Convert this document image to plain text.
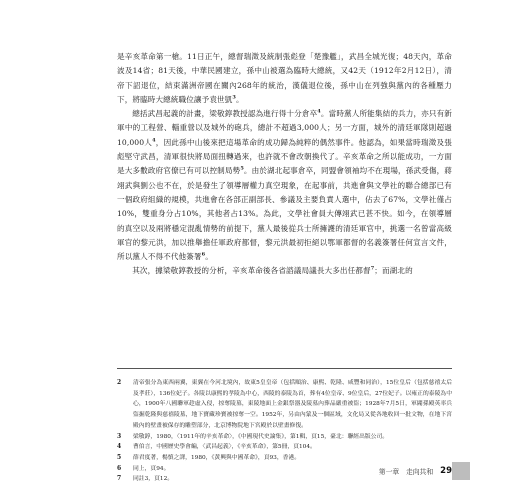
是辛亥革命第一槍。11日正午，總督瑞澂及統制張彪登「楚豫艦」，武昌全城光復；48天內，革命波及14省；81天後，中華民國建立，孫中山被選為臨時大總統，又42天（1912年2月12日），清帝下詔退位，結束滿洲帝國在關內268年的統治，漢儀退位後，孫中山在列強與黨內的各種壓力下，將臨時大總統職位讓予袁世凱$^3$。

總括武昌起義的計畫，梁敬錞教授認為進行得十分倉卒$^4$。當時黨人所能集結的兵力，亦只有新軍中的工程營、輜重營以及城外的砲兵，總計不超過3,000人；另一方面，城外的清廷軍隊則超過10,000人$^4$，因此孫中山後來把這場革命的成功歸為純粹的偶然事件。他認為，如果當時瑞澂及張彪堅守武昌，清軍很快將局面扭轉過來，也許就不會改朝換代了。辛亥革命之所以能成功，一方面是大多數政府官僚已有可以控制局勢$^5$。由於湖北起事倉卒，同盟會領袖均不在現場，孫武受傷，蔣翊武與劉公也不在，於是發生了領導層權力真空現象，在起事前，共進會與文學社的聯合總部已有一個政府組織的規模，共進會在各部正副部長、參議及主要負責人選中，佔去了67%，文學社僅占10%，雙重身分占10%，其他者占13%。為此，文學社會員大傳翊武已甚不快。如今，在領導層的真空以及兩將穩定混亂情勢的前提下，黨人最後從兵士所擁護的清廷軍官中，挑選一名曾當高級軍官的黎元洪，加以推舉擔任軍政府都督，黎元洪最初拒絕以鄂軍都督的名義簽署任何宣言文件，所以黨人不得不代他簽署$^6$。

其次，據梁敬錞教授的分析，辛亥革命後各省諮議局議長大多出任都督$^7$；而湖北的

2	清帝張分為東西兩翼，東翼在今河北境內，故東5皇皇帝（包括順治、康熙、乾隆、咸豐和同治），15位皇后（包括慈禧太后及孝莊），136位妃子。各陵以康熙的孝陵為中心，西陵的泰陵為首，葬有4位皇帝、9位皇后，27位妃子。以雍正的泰陵為中心，1900年八國聯軍趁虛入侵，掠奪陵墓，東陵地面上金銀祭器及陵墓內葬品嚴重被盜；1928年7月5日，軍閥孫殿英率兵盜掘乾隆與慈禧陵墓，地下寶藏珍寶被掠奪一空。1952年，另由內蒙及一個區域，文化局又從各地收回一批文物，在地下宮殿內的壁畫被保存的雕塑部分，北京博物院地下宮殿於以壁畫修復。
3	梁敬錞，1980，〈1911年的辛亥革命〉，《中國現代史論集》，第1輯，頁15，臺北：聯經出版公司。
4	曹伯言，中國歷史學會編，〈武昌起義〉，《辛亥革命》，第5冊，頁104。
5	薛君度著，楊慎之譯，1980，《黃興與中國革命》，頁93，香港。
6	同上，頁94。
7	同註3，頁12。
第一章　走向共和 29
